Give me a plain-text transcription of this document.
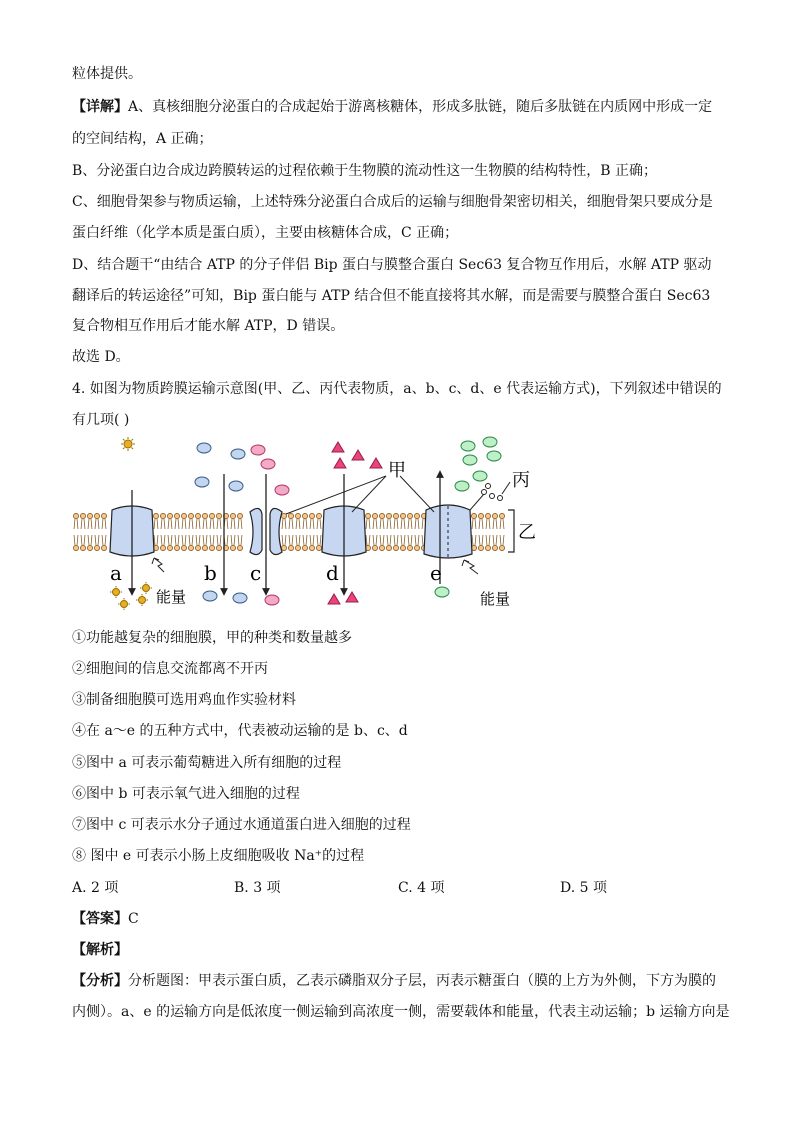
粒体提供。
【详解】A、真核细胞分泌蛋白的合成起始于游离核糖体，形成多肽链，随后多肽链在内质网中形成一定
的空间结构，A 正确；
B、分泌蛋白边合成边跨膜转运的过程依赖于生物膜的流动性这一生物膜的结构特性，B 正确；
C、细胞骨架参与物质运输，上述特殊分泌蛋白合成后的运输与细胞骨架密切相关，细胞骨架只要成分是
蛋白纤维（化学本质是蛋白质），主要由核糖体合成，C 正确；
D、结合题干“由结合 ATP 的分子伴侣 Bip 蛋白与膜整合蛋白 Sec63 复合物互作用后，水解 ATP 驱动
翻译后的转运途径”可知，Bip 蛋白能与 ATP 结合但不能直接将其水解，而是需要与膜整合蛋白 Sec63
复合物相互作用后才能水解 ATP，D 错误。
故选 D。
4. 如图为物质跨膜运输示意图(甲、乙、丙代表物质，a、b、c、d、e 代表运输方式)，下列叙述中错误的
有几项( )
甲	丙
乙
a	b c	d	e
能量	能量
①功能越复杂的细胞膜，甲的种类和数量越多
②细胞间的信息交流都离不开丙
③制备细胞膜可选用鸡血作实验材料
④在 a～e 的五种方式中，代表被动运输的是 b、c、d
⑤图中 a 可表示葡萄糖进入所有细胞的过程
⑥图中 b 可表示氧气进入细胞的过程
⑦图中 c 可表示水分子通过水通道蛋白进入细胞的过程
⑧ 图中 e 可表示小肠上皮细胞吸收 Na⁺的过程
A. 2 项	B. 3 项	C. 4 项	D. 5 项
【答案】C
【解析】
【分析】分析题图：甲表示蛋白质，乙表示磷脂双分子层，丙表示糖蛋白（膜的上方为外侧，下方为膜的
内侧）。a、e 的运输方向是低浓度一侧运输到高浓度一侧，需要载体和能量，代表主动运输；b 运输方向是
